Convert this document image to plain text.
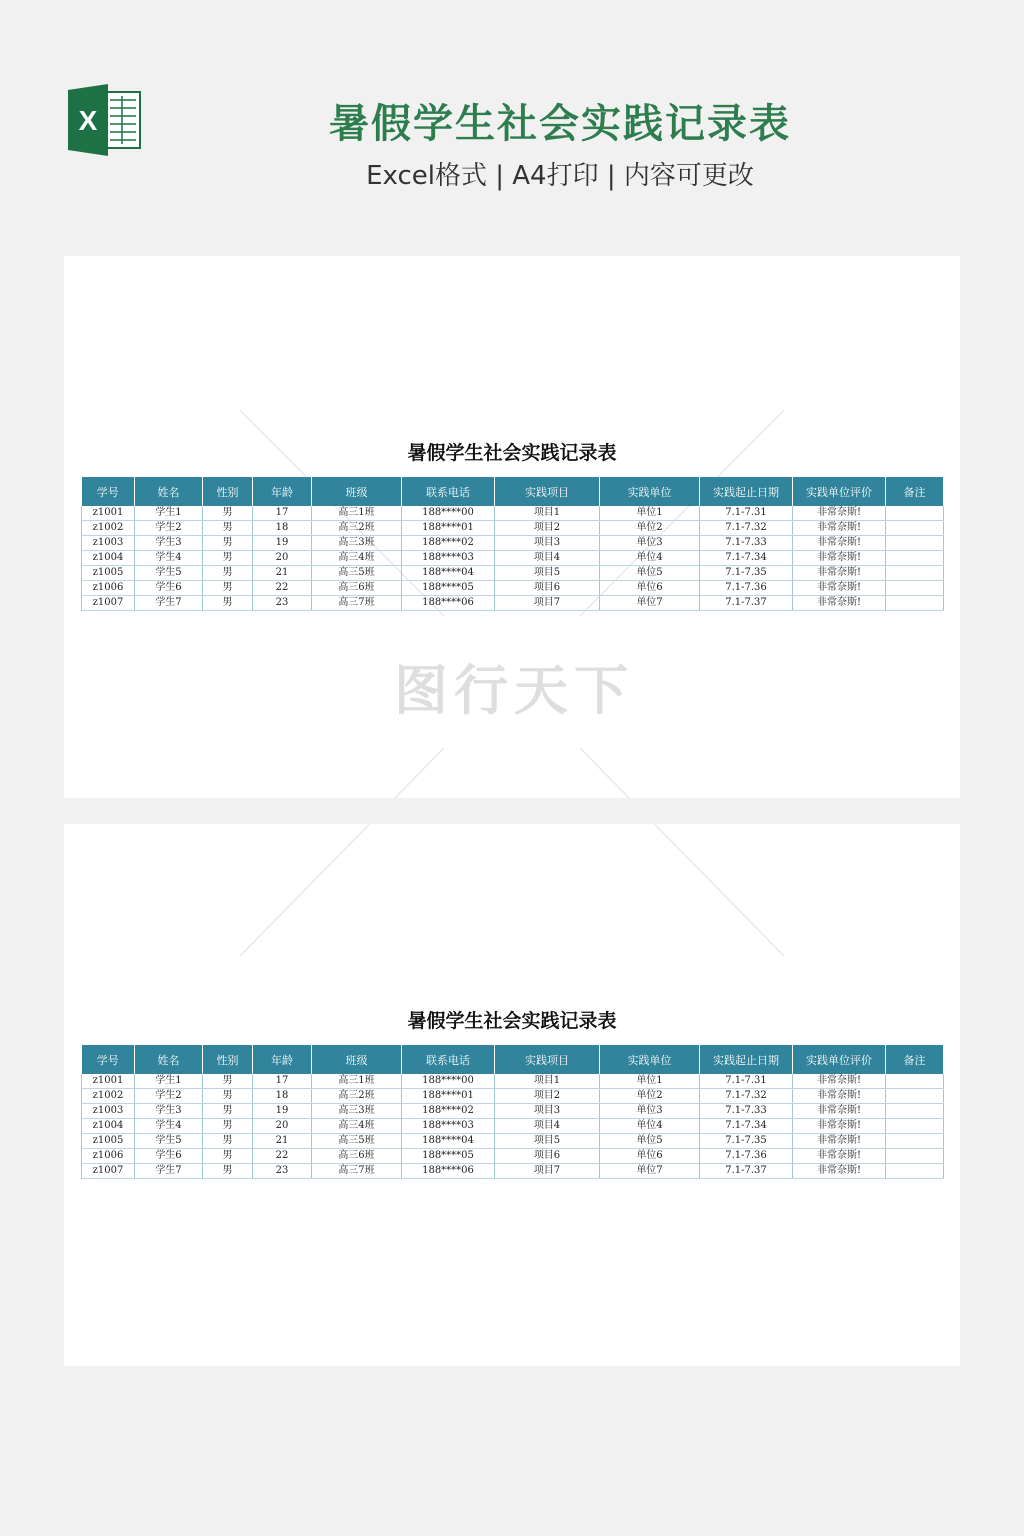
X	暑假学生社会实践记录表
Excel格式 | A4打印 | 内容可更改
暑假学生社会实践记录表
学号	姓名	性别	年龄	班级	联系电话	实践项目	实践单位	实践起止日期	实践单位评价	备注
z1001	学生1	男	17	高三1班	188****00	项目1	单位1	7.1-7.31	非常奈斯!	
z1002	学生2	男	18	高三2班	188****01	项目2	单位2	7.1-7.32	非常奈斯!	
z1003	学生3	男	19	高三3班	188****02	项目3	单位3	7.1-7.33	非常奈斯!	
z1004	学生4	男	20	高三4班	188****03	项目4	单位4	7.1-7.34	非常奈斯!	
z1005	学生5	男	21	高三5班	188****04	项目5	单位5	7.1-7.35	非常奈斯!	
z1006	学生6	男	22	高三6班	188****05	项目6	单位6	7.1-7.36	非常奈斯!	
z1007	学生7	男	23	高三7班	188****06	项目7	单位7	7.1-7.37	非常奈斯!	
图行天下
暑假学生社会实践记录表
学号	姓名	性别	年龄	班级	联系电话	实践项目	实践单位	实践起止日期	实践单位评价	备注
z1001	学生1	男	17	高三1班	188****00	项目1	单位1	7.1-7.31	非常奈斯!	
z1002	学生2	男	18	高三2班	188****01	项目2	单位2	7.1-7.32	非常奈斯!	
z1003	学生3	男	19	高三3班	188****02	项目3	单位3	7.1-7.33	非常奈斯!	
z1004	学生4	男	20	高三4班	188****03	项目4	单位4	7.1-7.34	非常奈斯!	
z1005	学生5	男	21	高三5班	188****04	项目5	单位5	7.1-7.35	非常奈斯!	
z1006	学生6	男	22	高三6班	188****05	项目6	单位6	7.1-7.36	非常奈斯!	
z1007	学生7	男	23	高三7班	188****06	项目7	单位7	7.1-7.37	非常奈斯!	
